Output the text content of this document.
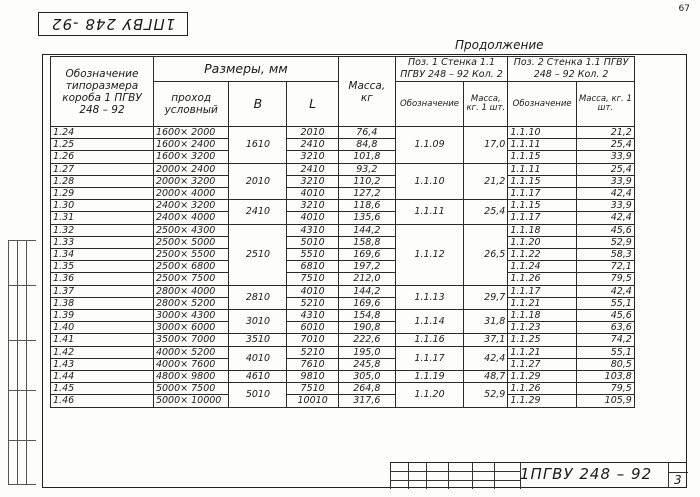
1ПГВУ 248 -92
67
Продолжение
Обозначение типоразмера короба 1 ПГВУ 248 – 92	Размеры, мм			Масса, кг	Поз. 1 Стенка 1.1 ПГВУ 248 – 92 Кол. 2		Поз. 2 Стенка 1.1 ПГВУ 248 – 92 Кол. 2	
	проход условный	B	L		Обозначение	Масса, кг. 1 шт.	Обозначение	Масса, кг. 1 шт.
1.24	1600× 2000	1610	2010	76,4	1.1.09	17,0	1.1.10	21,2
1.25	1600× 2400		2410	84,8			1.1.11	25,4
1.26	1600× 3200		3210	101,8			1.1.15	33,9
1.27	2000× 2400	2010	2410	93,2	1.1.10	21,2	1.1.11	25,4
1.28	2000× 3200		3210	110,2			1.1.15	33,9
1.29	2000× 4000		4010	127,2			1.1.17	42,4
1.30	2400× 3200	2410	3210	118,6	1.1.11	25,4	1.1.15	33,9
1.31	2400× 4000		4010	135,6			1.1.17	42,4
1.32	2500× 4300	2510	4310	144,2	1.1.12	26,5	1.1.18	45,6
1.33	2500× 5000		5010	158,8			1.1.20	52,9
1.34	2500× 5500		5510	169,6			1.1.22	58,3
1.35	2500× 6800		6810	197,2			1.1.24	72,1
1.36	2500× 7500		7510	212,0			1.1.26	79,5
1.37	2800× 4000	2810	4010	144,2	1.1.13	29,7	1.1.17	42,4
1.38	2800× 5200		5210	169,6			1.1.21	55,1
1.39	3000× 4300	3010	4310	154,8	1.1.14	31,8	1.1.18	45,6
1.40	3000× 6000		6010	190,8			1.1.23	63,6
1.41	3500× 7000	3510	7010	222,6	1.1.16	37,1	1.1.25	74,2
1.42	4000× 5200	4010	5210	195,0	1.1.17	42,4	1.1.21	55,1
1.43	4000× 7600		7610	245,8			1.1.27	80,5
1.44	4800× 9800	4610	9810	305,0	1.1.19	48,7	1.1.29	103,8
1.45	5000× 7500	5010	7510	264,8	1.1.20	52,9	1.1.26	79,5
1.46	5000× 10000		10010	317,6			1.1.29	105,9
1ПГВУ 248 – 92 3
